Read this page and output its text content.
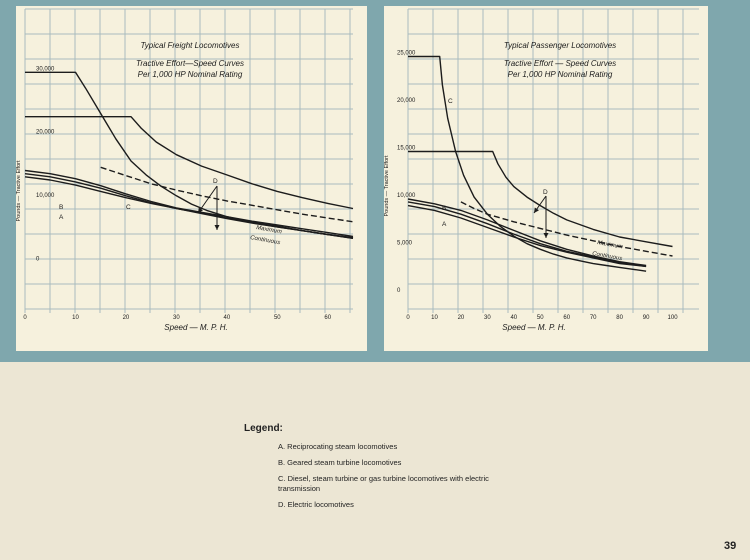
Typical Freight Locomotives
Tractive Effort—Speed Curves
Per 1,000 HP Nominal Rating
Speed — M. P. H.
Pounds — Tractive Effort
0	10	20	30	40	50	60
0
10,000
20,000
30,000
A
B	C
D
Maximum
Continuous
Typical Passenger Locomotives
Tractive Effort — Speed Curves
Per 1,000 HP Nominal Rating
Speed — M. P. H.
Pounds — Tractive Effort
0	10	20	30	40	50	60	70	80	90	100
0
5,000
10,000
15,000
20,000
25,000
A
B
C
D
Maximum
Continuous
Legend:
A. Reciprocating steam locomotives
B. Geared steam turbine locomotives
C. Diesel, steam turbine or gas turbine locomotives with electric transmission
D. Electric locomotives
39
